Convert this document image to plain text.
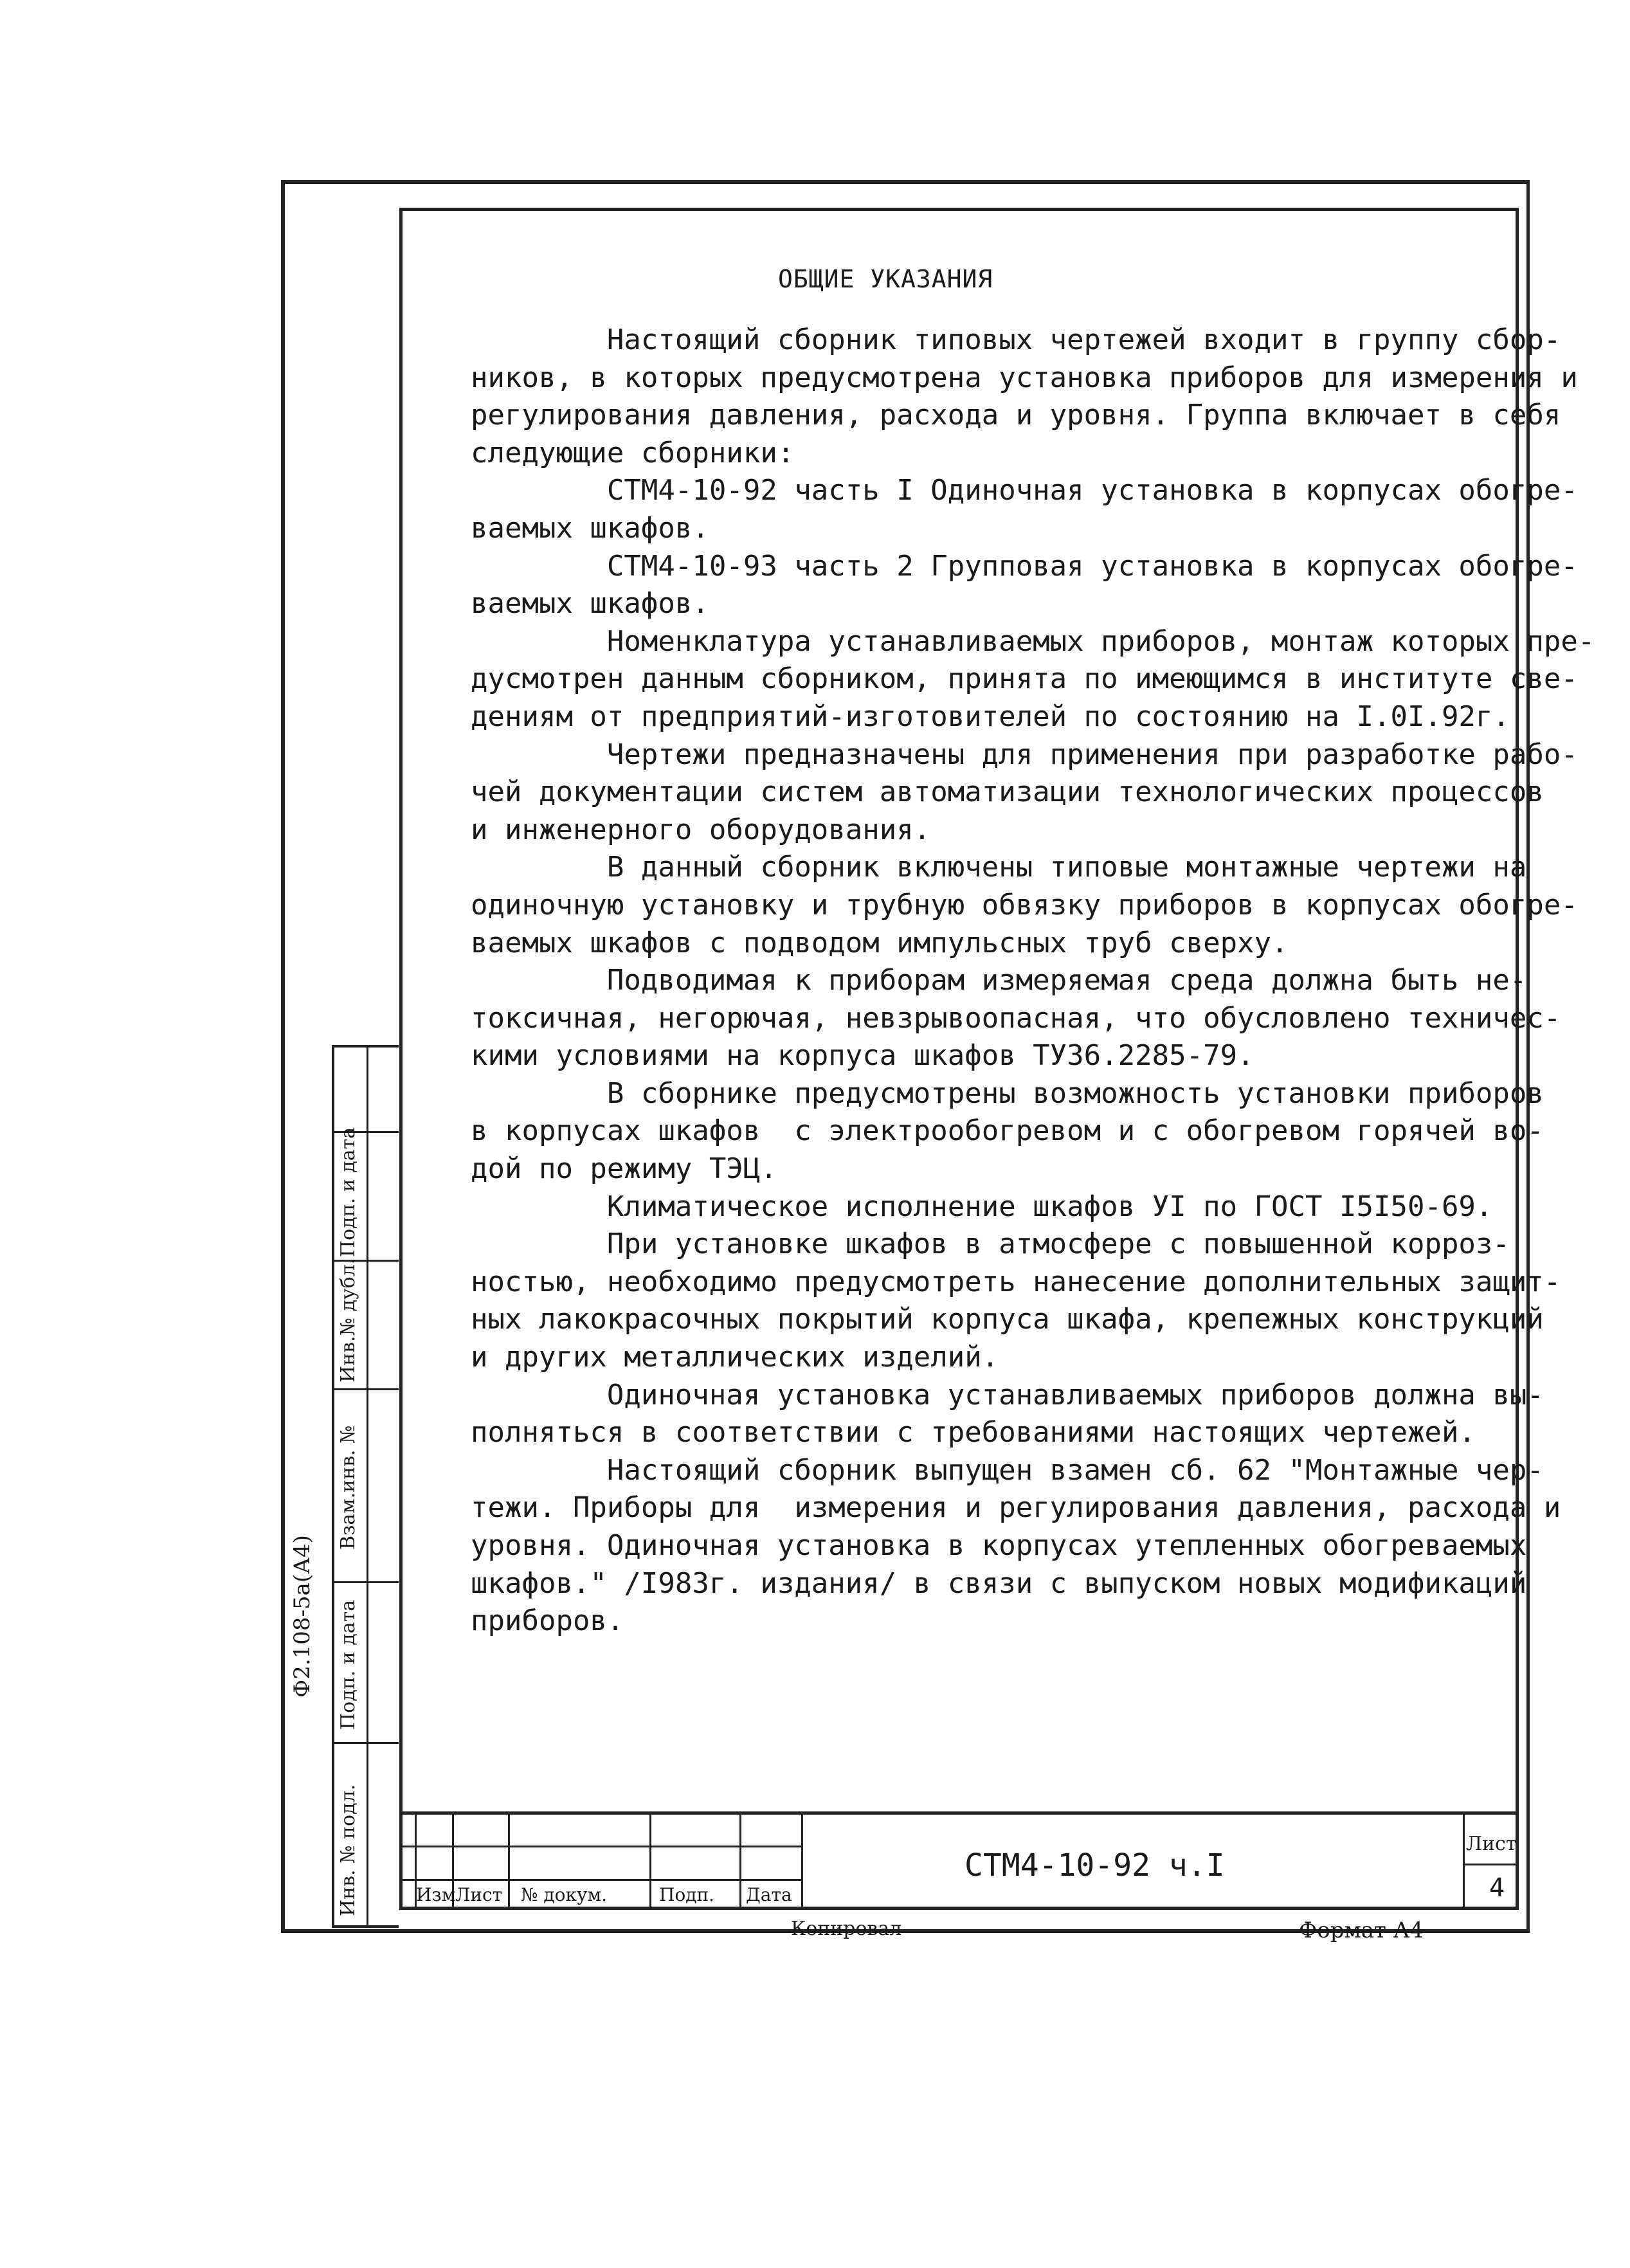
ОБЩИЕ УКАЗАНИЯ
Настоящий сборник типовых чертежей входит в группу сбор-
ников, в которых предусмотрена установка приборов для измерения и
регулирования давления, расхода и уровня. Группа включает в себя
следующие сборники:
СТМ4-10-92 часть I Одиночная установка в корпусах обогре-
ваемых шкафов.
СТМ4-10-93 часть 2 Групповая установка в корпусах обогре-
ваемых шкафов.
Номенклатура устанавливаемых приборов, монтаж которых пре-
дусмотрен данным сборником, принята по имеющимся в институте све-
дениям от предприятий-изготовителей по состоянию на I.0I.92г.
Чертежи предназначены для применения при разработке рабо-
чей документации систем автоматизации технологических процессов
и инженерного оборудования.
В данный сборник включены типовые монтажные чертежи на
одиночную установку и трубную обвязку приборов в корпусах обогре-
ваемых шкафов с подводом импульсных труб сверху.
Подводимая к приборам измеряемая среда должна быть не-
токсичная, негорючая, невзрывоопасная, что обусловлено техничес-
кими условиями на корпуса шкафов ТУ36.2285-79.
В сборнике предусмотрены возможность установки приборов
в корпусах шкафов  с электрообогревом и с обогревом горячей во-
дой по режиму ТЭЦ.
Климатическое исполнение шкафов УI по ГОСТ I5I50-69.
При установке шкафов в атмосфере с повышенной корроз-
ностью, необходимо предусмотреть нанесение дополнительных защит-
ных лакокрасочных покрытий корпуса шкафа, крепежных конструкций
и других металлических изделий.
Одиночная установка устанавливаемых приборов должна вы-
полняться в соответствии с требованиями настоящих чертежей.
Настоящий сборник выпущен взамен сб. 62 "Монтажные чер-
тежи. Приборы для  измерения и регулирования давления, расхода и
уровня. Одиночная установка в корпусах утепленных обогреваемых
шкафов." /I983г. издания/ в связи с выпуском новых модификаций
приборов.
Подп. и дата
Инв.№ дубл.
Взам.инв. №
Подп. и дата
Инв. № подл.
Ф2.108-5а(А4)
Изм Лист № докум.	Подп. Дата
СТМ4-10-92 ч.I
Лист
4
Копировал	Формат А4
